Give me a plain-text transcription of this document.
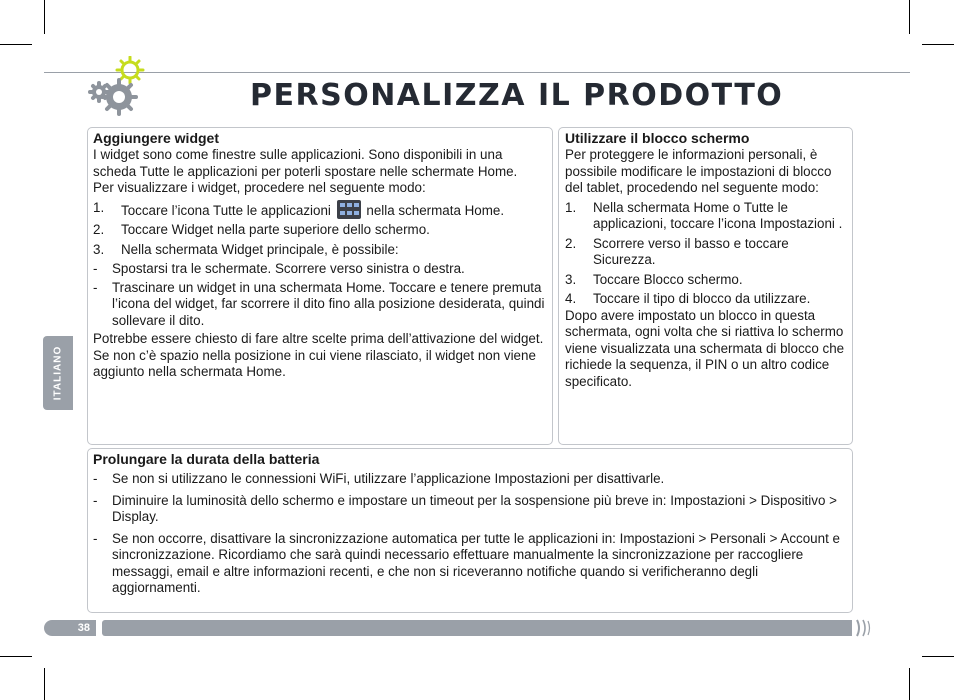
PERSONALIZZA IL PRODOTTO
ITALIANO
Aggiungere widget

I widget sono come finestre sulle applicazioni. Sono disponibili in una scheda Tutte le applicazioni per poterli spostare nelle schermate Home.

Per visualizzare i widget, procedere nel seguente modo:

1. Toccare l’icona Tutte le applicazioni	nella schermata Home.
2. Toccare Widget nella parte superiore dello schermo.
3. Nella schermata Widget principale, è possibile:
- Spostarsi tra le schermate. Scorrere verso sinistra o destra.
- Trascinare un widget in una schermata Home. Toccare e tenere premuta l’icona del widget, far scorrere il dito fino alla posizione desiderata, quindi sollevare il dito.

Potrebbe essere chiesto di fare altre scelte prima dell’attivazione del widget. Se non c’è spazio nella posizione in cui viene rilasciato, il widget non viene aggiunto nella schermata Home.

Utilizzare il blocco schermo

Per proteggere le informazioni personali, è possibile modificare le impostazioni di blocco del tablet, procedendo nel seguente modo:

1. Nella schermata Home o Tutte le applicazioni, toccare l’icona Impostazioni .
2. Scorrere verso il basso e toccare Sicurezza.
3. Toccare Blocco schermo.
4. Toccare il tipo di blocco da utilizzare.

Dopo avere impostato un blocco in questa schermata, ogni volta che si riattiva lo schermo viene visualizzata una schermata di blocco che richiede la sequenza, il PIN o un altro codice specificato.

Prolungare la durata della batteria
- Se non si utilizzano le connessioni WiFi, utilizzare l’applicazione Impostazioni per disattivarle.
- Diminuire la luminosità dello schermo e impostare un timeout per la sospensione più breve in: Impostazioni > Dispositivo > Display.
- Se non occorre, disattivare la sincronizzazione automatica per tutte le applicazioni in: Impostazioni > Personali > Account e sincronizzazione. Ricordiamo che sarà quindi necessario effettuare manualmente la sincronizzazione per raccogliere messaggi, email e altre informazioni recenti, e che non si riceveranno notifiche quando si verificheranno degli aggiornamenti.
38
